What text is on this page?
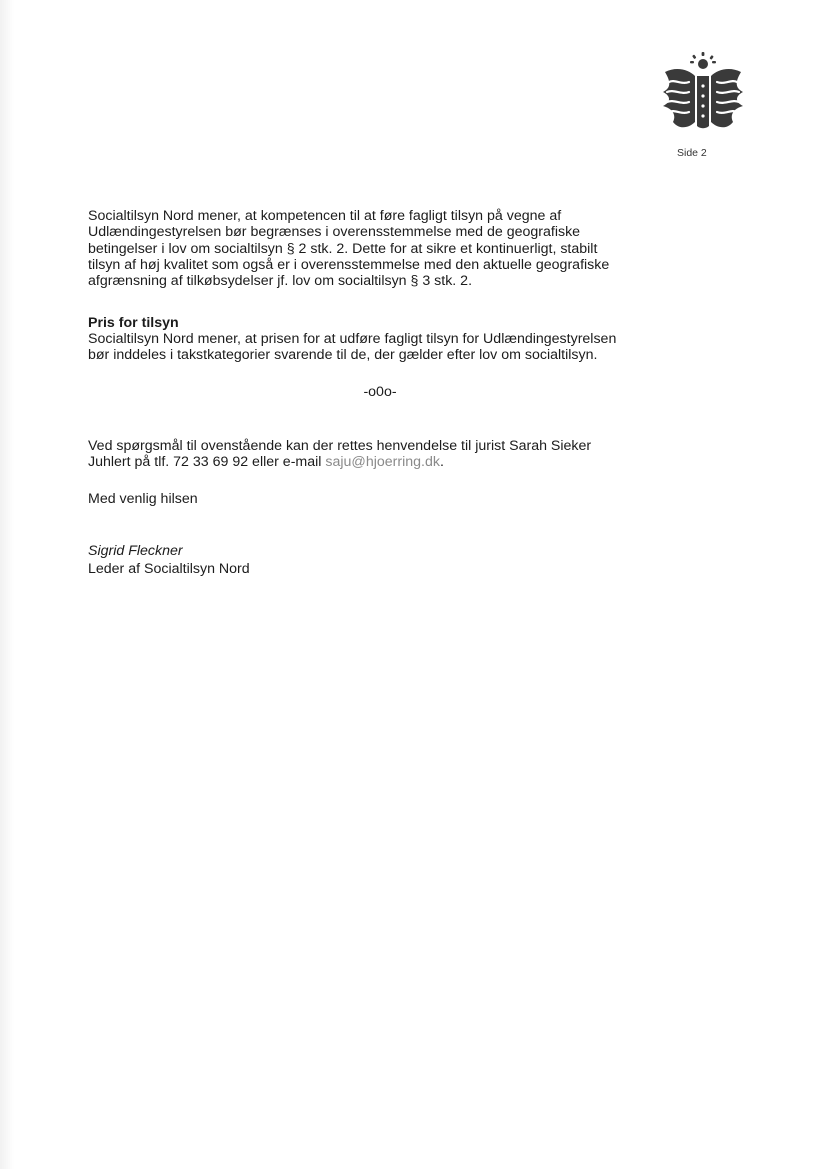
Side 2
Socialtilsyn Nord mener, at kompetencen til at føre fagligt tilsyn på vegne af
Udlændingestyrelsen bør begrænses i overensstemmelse med de geografiske
betingelser i lov om socialtilsyn § 2 stk. 2. Dette for at sikre et kontinuerligt, stabilt
tilsyn af høj kvalitet som også er i overensstemmelse med den aktuelle geografiske
afgrænsning af tilkøbsydelser jf. lov om socialtilsyn § 3 stk. 2.
Pris for tilsyn
Socialtilsyn Nord mener, at prisen for at udføre fagligt tilsyn for Udlændingestyrelsen
bør inddeles i takstkategorier svarende til de, der gælder efter lov om socialtilsyn.
-o0o-
Ved spørgsmål til ovenstående kan der rettes henvendelse til jurist Sarah Sieker
Juhlert på tlf. 72 33 69 92 eller e-mail saju@hjoerring.dk.
Med venlig hilsen
Sigrid Fleckner
Leder af Socialtilsyn Nord
